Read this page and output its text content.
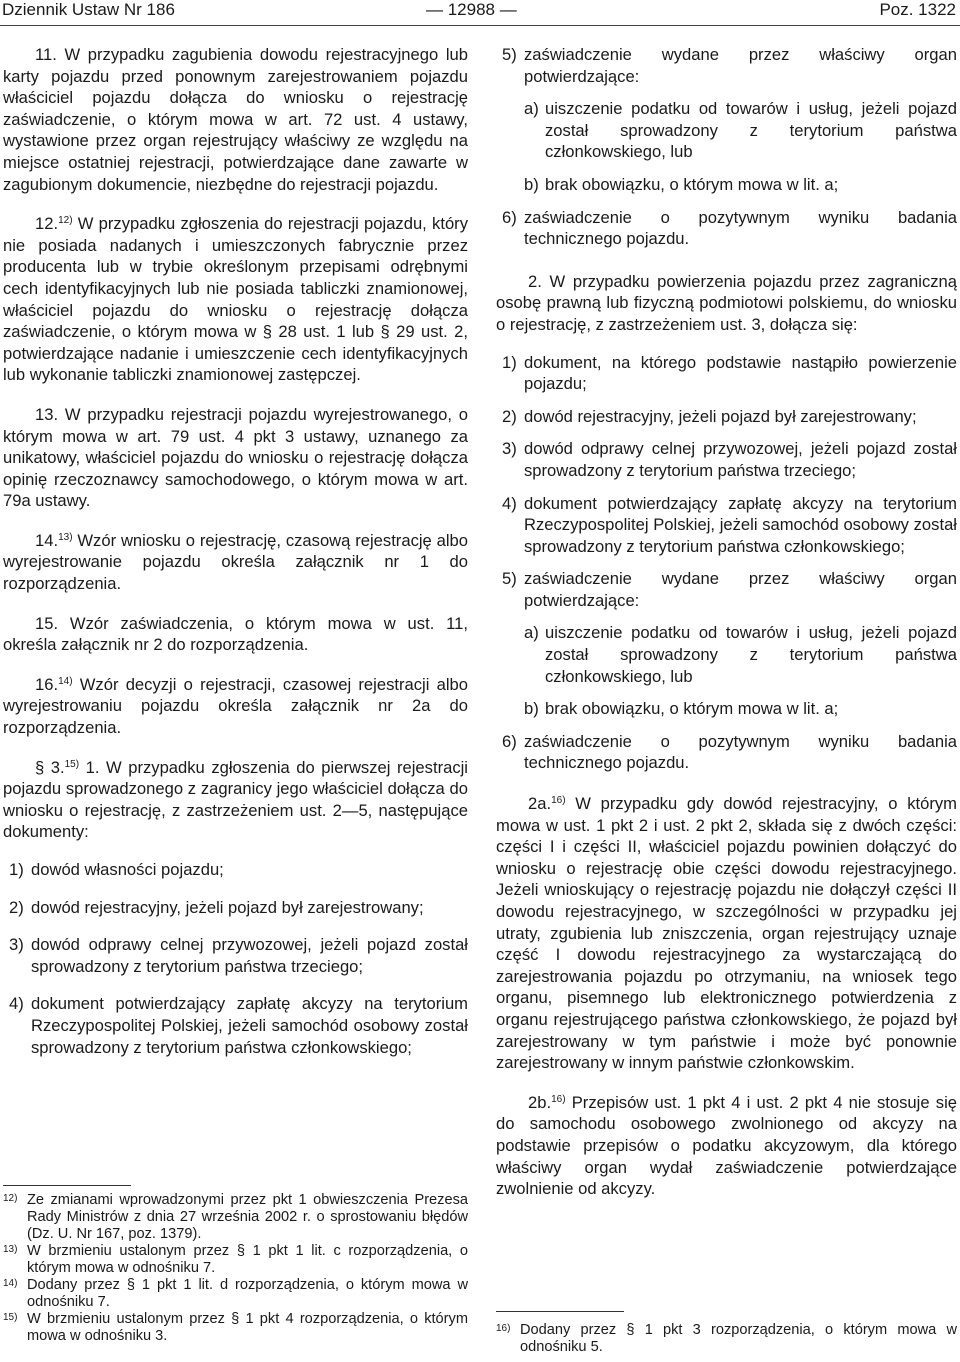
Dziennik Ustaw Nr 186	— 12988 —	Poz. 1322

11. W przypadku zagubienia dowodu rejestracyjnego lub karty pojazdu przed ponownym zarejestrowaniem pojazdu właściciel pojazdu dołącza do wniosku o rejestrację zaświadczenie, o którym mowa w art. 72 ust. 4 ustawy, wystawione przez organ rejestrujący właściwy ze względu na miejsce ostatniej rejestracji, potwierdzające dane zawarte w zagubionym dokumencie, niezbędne do rejestracji pojazdu.

12.$^{12)}$ W przypadku zgłoszenia do rejestracji pojazdu, który nie posiada nadanych i umieszczonych fabrycznie przez producenta lub w trybie określonym przepisami odrębnymi cech identyfikacyjnych lub nie posiada tabliczki znamionowej, właściciel pojazdu do wniosku o rejestrację dołącza zaświadczenie, o którym mowa w § 28 ust. 1 lub § 29 ust. 2, potwierdzające nadanie i umieszczenie cech identyfikacyjnych lub wykonanie tabliczki znamionowej zastępczej.

13. W przypadku rejestracji pojazdu wyrejestrowanego, o którym mowa w art. 79 ust. 4 pkt 3 ustawy, uznanego za unikatowy, właściciel pojazdu do wniosku o rejestrację dołącza opinię rzeczoznawcy samochodowego, o którym mowa w art. 79a ustawy.

14.$^{13)}$ Wzór wniosku o rejestrację, czasową rejestrację albo wyrejestrowanie pojazdu określa załącznik nr 1 do rozporządzenia.

15. Wzór zaświadczenia, o którym mowa w ust. 11, określa załącznik nr 2 do rozporządzenia.

16.$^{14)}$ Wzór decyzji o rejestracji, czasowej rejestracji albo wyrejestrowaniu pojazdu określa załącznik nr 2a do rozporządzenia.

§ 3.$^{15)}$ 1. W przypadku zgłoszenia do pierwszej rejestracji pojazdu sprowadzonego z zagranicy jego właściciel dołącza do wniosku o rejestrację, z zastrzeżeniem ust. 2—5, następujące dokumenty:

1) dowód własności pojazdu;
2) dowód rejestracyjny, jeżeli pojazd był zarejestrowany;
3) dowód odprawy celnej przywozowej, jeżeli pojazd został sprowadzony z terytorium państwa trzeciego;
4) dokument potwierdzający zapłatę akcyzy na terytorium Rzeczypospolitej Polskiej, jeżeli samochód osobowy został sprowadzony z terytorium państwa członkowskiego;
12) Ze zmianami wprowadzonymi przez pkt 1 obwieszczenia Prezesa Rady Ministrów z dnia 27 września 2002 r. o sprostowaniu błędów (Dz. U. Nr 167, poz. 1379).
13) W brzmieniu ustalonym przez § 1 pkt 1 lit. c rozporządzenia, o którym mowa w odnośniku 7.
14) Dodany przez § 1 pkt 1 lit. d rozporządzenia, o którym mowa w odnośniku 7.
15) W brzmieniu ustalonym przez § 1 pkt 4 rozporządzenia, o którym mowa w odnośniku 3.
5) zaświadczenie wydane przez właściwy organ potwierdzające:
a) uiszczenie podatku od towarów i usług, jeżeli pojazd został sprowadzony z terytorium państwa członkowskiego, lub
b) brak obowiązku, o którym mowa w lit. a;
6) zaświadczenie o pozytywnym wyniku badania technicznego pojazdu.

2. W przypadku powierzenia pojazdu przez zagraniczną osobę prawną lub fizyczną podmiotowi polskiemu, do wniosku o rejestrację, z zastrzeżeniem ust. 3, dołącza się:

1) dokument, na którego podstawie nastąpiło powierzenie pojazdu;
2) dowód rejestracyjny, jeżeli pojazd był zarejestrowany;
3) dowód odprawy celnej przywozowej, jeżeli pojazd został sprowadzony z terytorium państwa trzeciego;
4) dokument potwierdzający zapłatę akcyzy na terytorium Rzeczypospolitej Polskiej, jeżeli samochód osobowy został sprowadzony z terytorium państwa członkowskiego;
5) zaświadczenie wydane przez właściwy organ potwierdzające:
a) uiszczenie podatku od towarów i usług, jeżeli pojazd został sprowadzony z terytorium państwa członkowskiego, lub
b) brak obowiązku, o którym mowa w lit. a;
6) zaświadczenie o pozytywnym wyniku badania technicznego pojazdu.

2a.$^{16)}$ W przypadku gdy dowód rejestracyjny, o którym mowa w ust. 1 pkt 2 i ust. 2 pkt 2, składa się z dwóch części: części I i części II, właściciel pojazdu powinien dołączyć do wniosku o rejestrację obie części dowodu rejestracyjnego. Jeżeli wnioskujący o rejestrację pojazdu nie dołączył części II dowodu rejestracyjnego, w szczególności w przypadku jej utraty, zgubienia lub zniszczenia, organ rejestrujący uznaje część I dowodu rejestracyjnego za wystarczającą do zarejestrowania pojazdu po otrzymaniu, na wniosek tego organu, pisemnego lub elektronicznego potwierdzenia z organu rejestrującego państwa członkowskiego, że pojazd był zarejestrowany w tym państwie i może być ponownie zarejestrowany w innym państwie członkowskim.

2b.$^{16)}$ Przepisów ust. 1 pkt 4 i ust. 2 pkt 4 nie stosuje się do samochodu osobowego zwolnionego od akcyzy na podstawie przepisów o podatku akcyzowym, dla którego właściwy organ wydał zaświadczenie potwierdzające zwolnienie od akcyzy.

16) Dodany przez § 1 pkt 3 rozporządzenia, o którym mowa w odnośniku 5.
